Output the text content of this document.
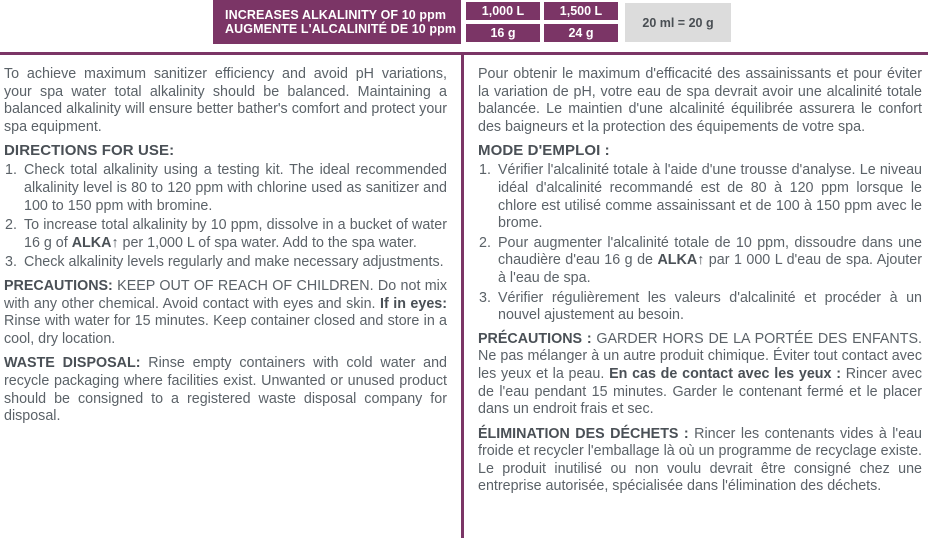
INCREASES ALKALINITY OF 10 ppm
AUGMENTE L'ALCALINITÉ DE 10 ppm
1,000 L	1,500 L
16 g	24 g
20 ml = 20 g

To achieve maximum sanitizer efficiency and avoid pH variations, your spa water total alkalinity should be balanced. Maintaining a balanced alkalinity will ensure better bather's comfort and protect your spa equipment.

DIRECTIONS FOR USE:
Check total alkalinity using a testing kit. The ideal recommended alkalinity level is 80 to 120 ppm with chlorine used as sanitizer and 100 to 150 ppm with bromine.
To increase total alkalinity by 10 ppm, dissolve in a bucket of water 16 g of ALKA↑ per 1,000 L of spa water. Add to the spa water.
Check alkalinity levels regularly and make necessary adjustments.

PRECAUTIONS: KEEP OUT OF REACH OF CHILDREN. Do not mix with any other chemical. Avoid contact with eyes and skin. If in eyes: Rinse with water for 15 minutes. Keep container closed and store in a cool, dry location.

WASTE DISPOSAL: Rinse empty containers with cold water and recycle packaging where facilities exist. Unwanted or unused product should be consigned to a registered waste disposal company for disposal.

Pour obtenir le maximum d'efficacité des assainissants et pour éviter la variation de pH, votre eau de spa devrait avoir une alcalinité totale balancée. Le maintien d'une alcalinité équilibrée assurera le confort des baigneurs et la protection des équipements de votre spa.

MODE D'EMPLOI :
Vérifier l'alcalinité totale à l'aide d'une trousse d'analyse. Le niveau idéal d'alcalinité recommandé est de 80 à 120 ppm lorsque le chlore est utilisé comme assainissant et de 100 à 150 ppm avec le brome.
Pour augmenter l'alcalinité totale de 10 ppm, dissoudre dans une chaudière d'eau 16 g de ALKA↑ par 1 000 L d'eau de spa. Ajouter à l'eau de spa.
Vérifier régulièrement les valeurs d'alcalinité et procéder à un nouvel ajustement au besoin.

PRÉCAUTIONS : GARDER HORS DE LA PORTÉE DES ENFANTS. Ne pas mélanger à un autre produit chimique. Éviter tout contact avec les yeux et la peau. En cas de contact avec les yeux : Rincer avec de l'eau pendant 15 minutes. Garder le contenant fermé et le placer dans un endroit frais et sec.

ÉLIMINATION DES DÉCHETS : Rincer les contenants vides à l'eau froide et recycler l'emballage là où un programme de recyclage existe. Le produit inutilisé ou non voulu devrait être consigné chez une entreprise autorisée, spécialisée dans l'élimination des déchets.
